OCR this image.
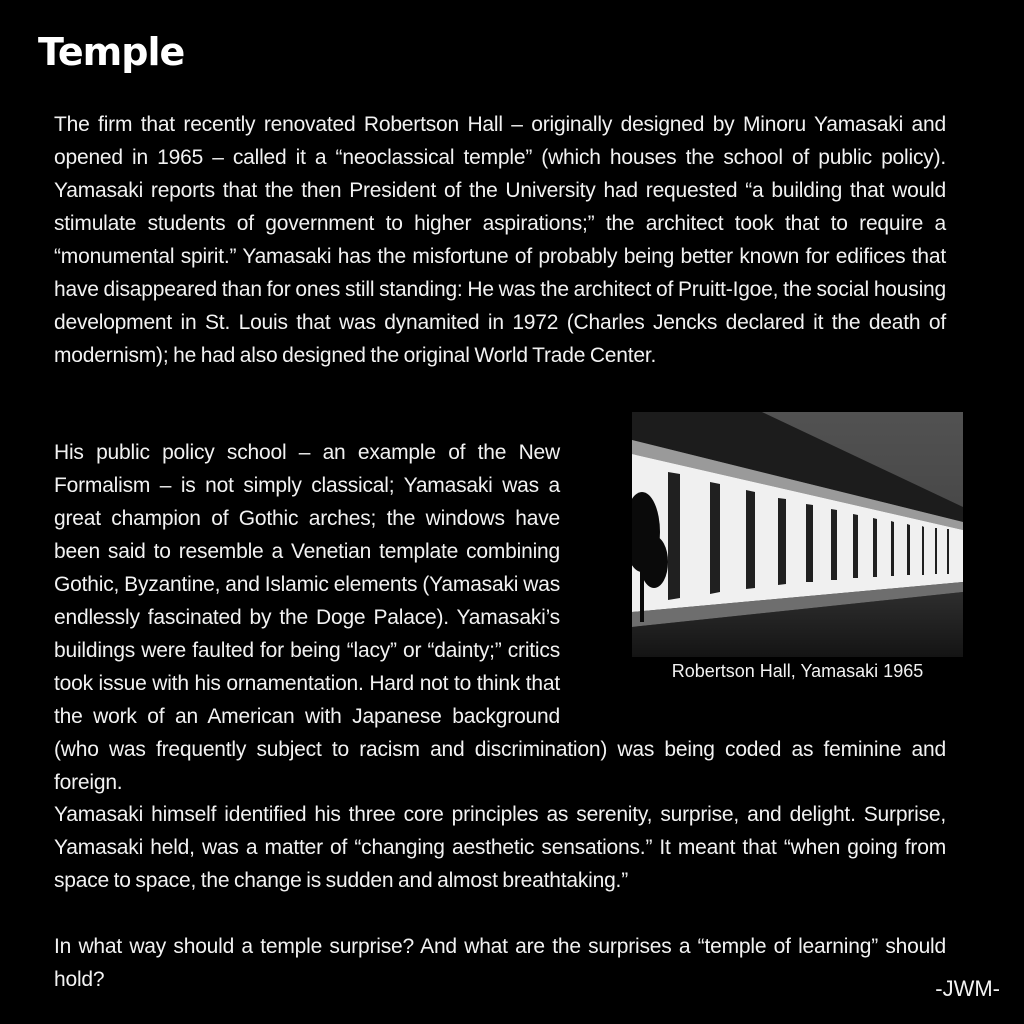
Temple

The firm that recently renovated Robertson Hall – originally designed by Minoru Yamasaki and opened in 1965 – called it a “neoclassical temple” (which houses the school of public policy). Yamasaki reports that the then President of the University had requested “a building that would stimulate students of government to higher aspirations;” the architect took that to require a “monumental spirit.” Yamasaki has the misfortune of probably being better known for edifices that have disappeared than for ones still standing: He was the architect of Pruitt-Igoe, the social housing development in St. Louis that was dynamited in 1972 (Charles Jencks declared it the death of modernism); he had also designed the original World Trade Center.

His public policy school – an example of the New Formalism – is not simply classical; Yamasaki was a great champion of Gothic arches; the windows have been said to resemble a Venetian template combining Gothic, Byzantine, and Islamic elements (Yamasaki was endlessly fascinated by the Doge Palace). Yamasaki’s buildings were faulted for being “lacy” or “dainty;” critics took issue with his ornamentation. Hard not to think that the work of an American with Japanese background (who was frequently subject to racism and discrimination) was being coded as feminine and foreign.
Robertson Hall, Yamasaki 1965

Yamasaki himself identified his three core principles as serenity, surprise, and delight. Surprise, Yamasaki held, was a matter of “changing aesthetic sensations.” It meant that “when going from space to space, the change is sudden and almost breathtaking.”

In what way should a temple surprise? And what are the surprises a “temple of learning” should hold?	-JWM-
